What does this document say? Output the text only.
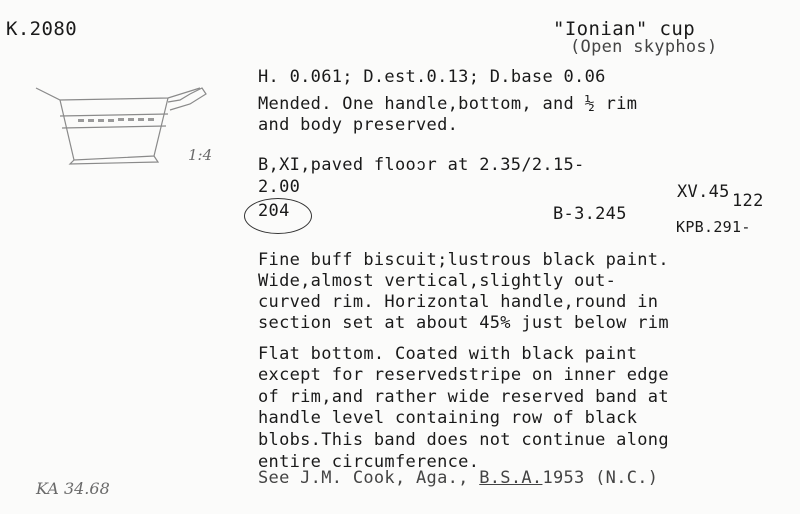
K.2080	"Ionian" cup
(Open skyphos)
1:4
H. 0.061; D.est.0.13; D.base 0.06
Mended. One handle,bottom, and ½ rim
and body preserved.
B,XI,paved flooↄr at 2.35/2.15-
2.00
204	B-3.245
XV.45 122
KPB.291-
Fine buff biscuit;lustrous black paint.
Wide,almost vertical,slightly out-
curved rim. Horizontal handle,round in
section set at about 45% just below rim
Flat bottom. Coated with black paint
except for reservedstripe on inner edge
of rim,and rather wide reserved band at
handle level containing row of black
blobs.This band does not continue along
entire circumference.
See J.M. Cook, Aga., B.S.A.1953 (N.C.)
KA 34.68
